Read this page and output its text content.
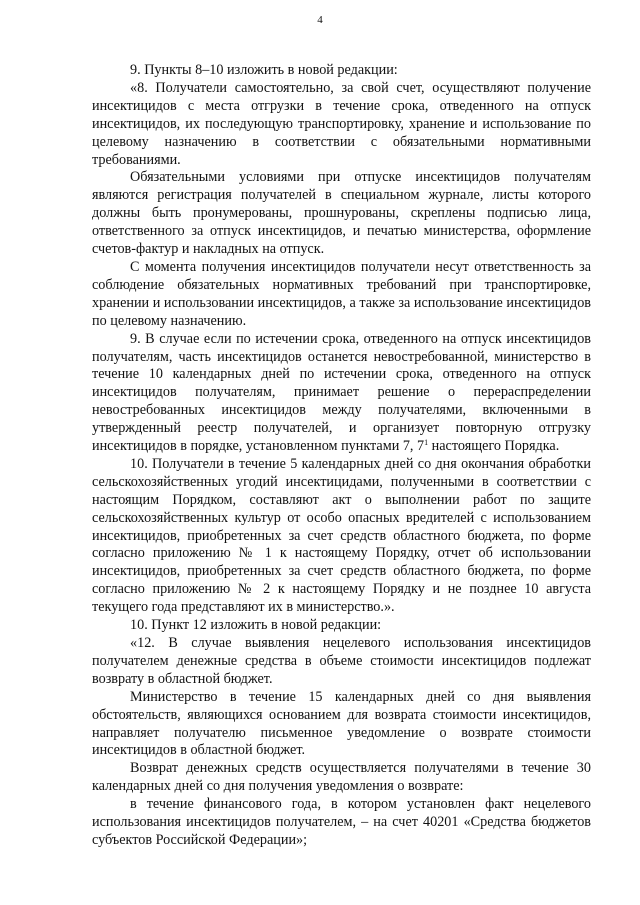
4

9. Пункты 8–10 изложить в новой редакции:

«8. Получатели самостоятельно, за свой счет, осуществляют получение инсектицидов с места отгрузки в течение срока, отведенного на отпуск инсектицидов, их последующую транспортировку, хранение и использование по целевому назначению в соответствии с обязательными нормативными требованиями.

Обязательными условиями при отпуске инсектицидов получателям являются регистрация получателей в специальном журнале, листы которого должны быть пронумерованы, прошнурованы, скреплены подписью лица, ответственного за отпуск инсектицидов, и печатью министерства, оформление счетов-фактур и накладных на отпуск.

С момента получения инсектицидов получатели несут ответственность за соблюдение обязательных нормативных требований при транспортировке, хранении и использовании инсектицидов, а также за использование инсектицидов по целевому назначению.

9. В случае если по истечении срока, отведенного на отпуск инсектицидов получателям, часть инсектицидов останется невостребованной, министерство в течение 10 календарных дней по истечении срока, отведенного на отпуск инсектицидов получателям, принимает решение о перераспределении невостребованных инсектицидов между получателями, включенными в утвержденный реестр получателей, и организует повторную отгрузку инсектицидов в порядке, установленном пунктами 7, $7^1$ настоящего Порядка.

10. Получатели в течение 5 календарных дней со дня окончания обработки сельскохозяйственных угодий инсектицидами, полученными в соответствии с настоящим Порядком, составляют акт о выполнении работ по защите сельскохозяйственных культур от особо опасных вредителей с использованием инсектицидов, приобретенных за счет средств областного бюджета, по форме согласно приложению № 1 к настоящему Порядку, отчет об использовании инсектицидов, приобретенных за счет средств областного бюджета, по форме согласно приложению № 2 к настоящему Порядку и не позднее 10 августа текущего года представляют их в министерство.».

10. Пункт 12 изложить в новой редакции:

«12. В случае выявления нецелевого использования инсектицидов получателем денежные средства в объеме стоимости инсектицидов подлежат возврату в областной бюджет.

Министерство в течение 15 календарных дней со дня выявления обстоятельств, являющихся основанием для возврата стоимости инсектицидов, направляет получателю письменное уведомление о возврате стоимости инсектицидов в областной бюджет.

Возврат денежных средств осуществляется получателями в течение 30 календарных дней со дня получения уведомления о возврате:

в течение финансового года, в котором установлен факт нецелевого использования инсектицидов получателем, – на счет 40201 «Средства бюджетов субъектов Российской Федерации»;
